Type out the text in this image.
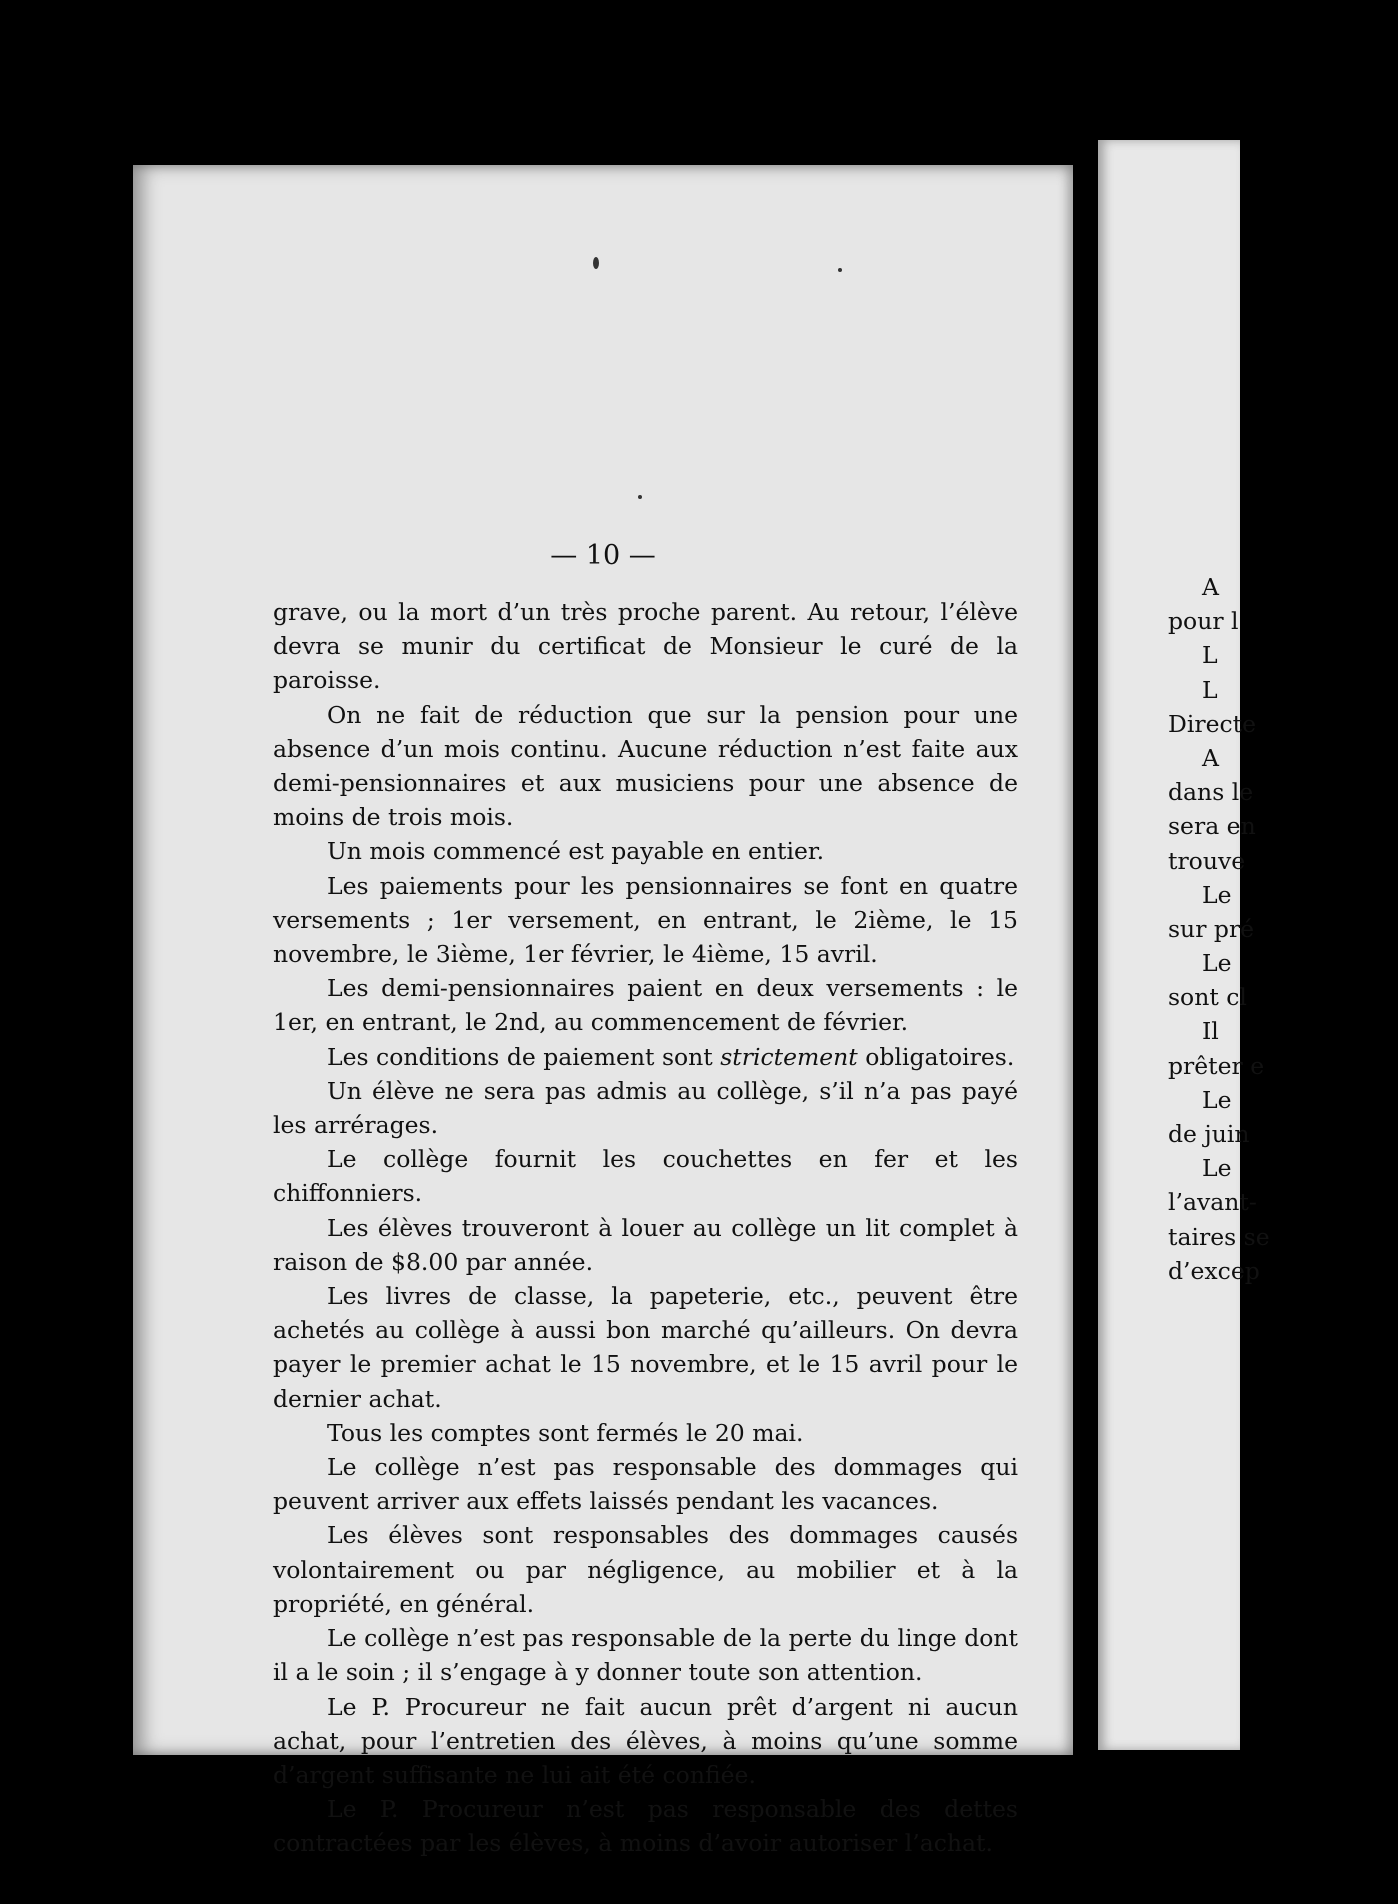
— 10 —

grave, ou la mort d’un très proche parent. Au retour, l’élève devra se munir du certificat de Monsieur le curé de la paroisse.

On ne fait de réduction que sur la pension pour une absence d’un mois continu. Aucune réduction n’est faite aux demi-pensionnaires et aux musiciens pour une absence de moins de trois mois.

Un mois commencé est payable en entier.

Les paiements pour les pensionnaires se font en quatre versements ; 1er versement, en entrant, le 2ième, le 15 novembre, le 3ième, 1er février, le 4ième, 15 avril.

Les demi-pensionnaires paient en deux versements : le 1er, en entrant, le 2nd, au commencement de février.

Les conditions de paiement sont strictement obligatoires.

Un élève ne sera pas admis au collège, s’il n’a pas payé les arrérages.

Le collège fournit les couchettes en fer et les chiffonniers.

Les élèves trouveront à louer au collège un lit complet à raison de $8.00 par année.

Les livres de classe, la papeterie, etc., peuvent être achetés au collège à aussi bon marché qu’ailleurs. On devra payer le premier achat le 15 novembre, et le 15 avril pour le dernier achat.

Tous les comptes sont fermés le 20 mai.

Le collège n’est pas responsable des dommages qui peuvent arriver aux effets laissés pendant les vacances.

Les élèves sont responsables des dommages causés volontairement ou par négligence, au mobilier et à la propriété, en général.

Le collège n’est pas responsable de la perte du linge dont il a le soin ; il s’engage à y donner toute son attention.

Le P. Procureur ne fait aucun prêt d’argent ni aucun achat, pour l’entretien des élèves, à moins qu’une somme d’argent suffisante ne lui ait été confiée.

Le P. Procureur n’est pas responsable des dettes contractées par les élèves, à moins d’avoir autoriser l’achat.

A
pour l
L
L
Directe
A
dans le
sera en
trouve
Le
sur pré
Le
sont cl
Il
prêter e
Le
de juin
Le
l’avant-
taires se
d’excep
